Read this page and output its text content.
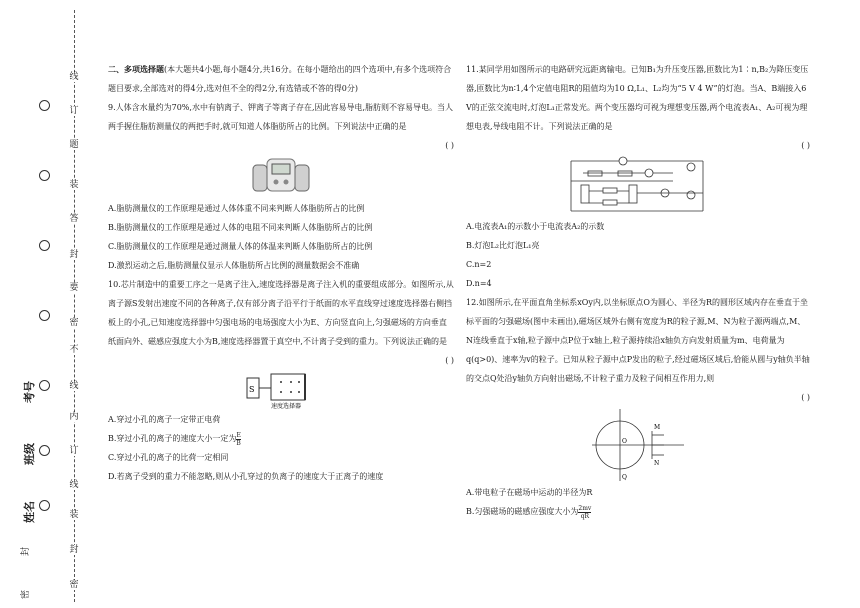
线
订
题
装
答
封
要
密
不
线
内
订
线
装
封
密
考号
班级
姓名
封
密

二、多项选择题(本大题共4小题,每小题4分,共16分。在每小题给出的四个选项中,有多个选项符合题目要求,全部选对的得4分,选对但不全的得2分,有选错或不答的得0分)

9.人体含水量约为70%,水中有钠离子、钾离子等离子存在,因此容易导电,脂肪则不容易导电。当人两手握住脂肪测量仪的两把手时,就可知道人体脂肪所占的比例。下列说法中正确的是

( )

A.脂肪测量仪的工作原理是通过人体体重不同来判断人体脂肪所占的比例

B.脂肪测量仪的工作原理是通过人体的电阻不同来判断人体脂肪所占的比例

C.脂肪测量仪的工作原理是通过测量人体的体温来判断人体脂肪所占的比例

D.激烈运动之后,脂肪测量仪显示人体脂肪所占比例的测量数据会不准确

10.芯片制造中的重要工序之一是离子注入,速度选择器是离子注入机的重要组成部分。如图所示,从离子源S发射出速度不同的各种离子,仅有部分离子沿平行于纸面的水平直线穿过速度选择器右侧挡板上的小孔,已知速度选择器中匀强电场的电场强度大小为E、方向竖直向上,匀强磁场的方向垂直纸面向外、磁感应强度大小为B,速度选择器置于真空中,不计离子受到的重力。下列说法正确的是

( )

S
速度选择器

A.穿过小孔的离子一定带正电荷

B.穿过小孔的离子的速度大小一定为 $\frac{E}{B}$

C.穿过小孔的离子的比荷一定相同

D.若离子受到的重力不能忽略,则从小孔穿过的负离子的速度大于正离子的速度

11.某同学用如图所示的电路研究远距离输电。已知B₁为升压变压器,匝数比为1∶n,B₂为降压变压器,匝数比为n∶1,4个定值电阻R的阻值均为10 Ω,L₁、L₂均为“5 V 4 W”的灯泡。当A、B端接入6 V的正弦交流电时,灯泡L₁正常发光。两个变压器均可视为理想变压器,两个电流表A₁、A₂可视为理想电表,导线电阻不计。下列说法正确的是

( )

A.电流表A₁的示数小于电流表A₂的示数

B.灯泡L₂比灯泡L₁亮

C.n=2

D.n=4

12.如图所示,在平面直角坐标系xOy内,以坐标原点O为圆心、半径为R的圆形区域内存在垂直于坐标平面的匀强磁场(图中未画出),磁场区域外右侧有宽度为R的粒子源,M、N为粒子源两端点,M、N连线垂直于x轴,粒子源中点P位于x轴上,粒子源持续沿x轴负方向发射质量为m、电荷量为q(q>0)、速率为v的粒子。已知从粒子源中点P发出的粒子,经过磁场区域后,恰能从圆与y轴负半轴的交点Q处沿y轴负方向射出磁场,不计粒子重力及粒子间相互作用力,则

( )

M
N
O
Q

A.带电粒子在磁场中运动的半径为R

B.匀强磁场的磁感应强度大小为 $\frac{2mv}{qR}$
